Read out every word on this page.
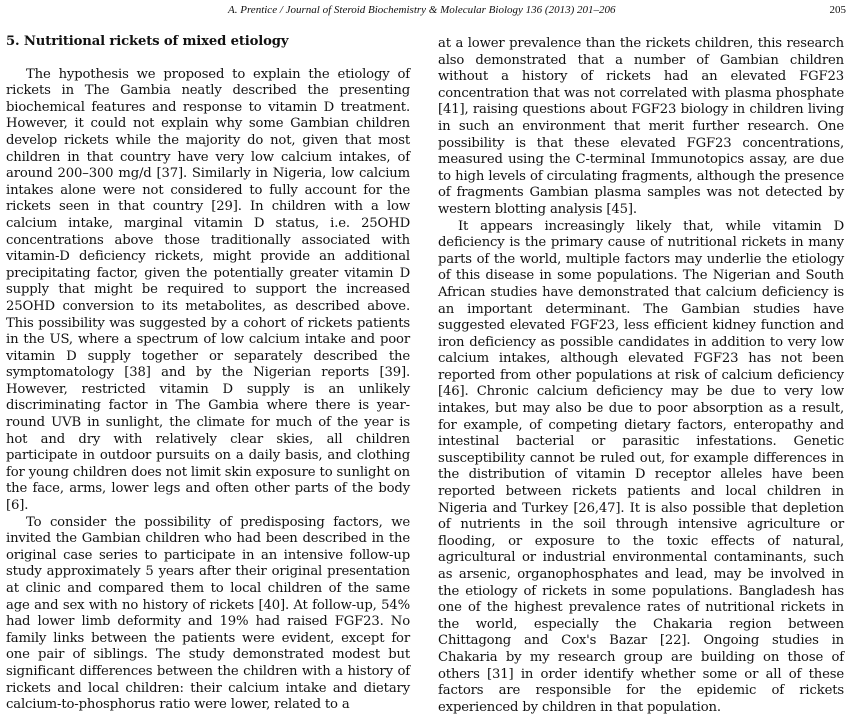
A. Prentice / Journal of Steroid Biochemistry & Molecular Biology 136 (2013) 201–206	205
5. Nutritional rickets of mixed etiology

The hypothesis we proposed to explain the etiology of rickets in The Gambia neatly described the presenting biochemical features and response to vitamin D treatment. However, it could not explain why some Gambian children develop rickets while the majority do not, given that most children in that country have very low calcium intakes, of around 200–300 mg/d [37]. Similarly in Nigeria, low calcium intakes alone were not considered to fully account for the rickets seen in that country [29]. In children with a low calcium intake, marginal vitamin D status, i.e. 25OHD concentrations above those traditionally associated with vitamin-D deficiency rickets, might provide an additional precipitating factor, given the potentially greater vitamin D supply that might be required to support the increased 25OHD conversion to its metabolites, as described above. This possibility was suggested by a cohort of rickets patients in the US, where a spectrum of low calcium intake and poor vitamin D supply together or separately described the symptomatology [38] and by the Nigerian reports [39]. However, restricted vitamin D supply is an unlikely discriminating factor in The Gambia where there is year-round UVB in sunlight, the climate for much of the year is hot and dry with relatively clear skies, all children participate in outdoor pursuits on a daily basis, and clothing for young children does not limit skin exposure to sunlight on the face, arms, lower legs and often other parts of the body [6].

To consider the possibility of predisposing factors, we invited the Gambian children who had been described in the original case series to participate in an intensive follow-up study approximately 5 years after their original presentation at clinic and compared them to local children of the same age and sex with no history of rickets [40]. At follow-up, 54% had lower limb deformity and 19% had raised FGF23. No family links between the patients were evident, except for one pair of siblings. The study demonstrated modest but significant differences between the children with a history of rickets and local children: their calcium intake and dietary calcium-to-phosphorus ratio were lower, related to a

at a lower prevalence than the rickets children, this research also demonstrated that a number of Gambian children without a history of rickets had an elevated FGF23 concentration that was not correlated with plasma phosphate [41], raising questions about FGF23 biology in children living in such an environment that merit further research. One possibility is that these elevated FGF23 concentrations, measured using the C-terminal Immunotopics assay, are due to high levels of circulating fragments, although the presence of fragments Gambian plasma samples was not detected by western blotting analysis [45].

It appears increasingly likely that, while vitamin D deficiency is the primary cause of nutritional rickets in many parts of the world, multiple factors may underlie the etiology of this disease in some populations. The Nigerian and South African studies have demonstrated that calcium deficiency is an important determinant. The Gambian studies have suggested elevated FGF23, less efficient kidney function and iron deficiency as possible candidates in addition to very low calcium intakes, although elevated FGF23 has not been reported from other populations at risk of calcium deficiency [46]. Chronic calcium deficiency may be due to very low intakes, but may also be due to poor absorption as a result, for example, of competing dietary factors, enteropathy and intestinal bacterial or parasitic infestations. Genetic susceptibility cannot be ruled out, for example differences in the distribution of vitamin D receptor alleles have been reported between rickets patients and local children in Nigeria and Turkey [26,47]. It is also possible that depletion of nutrients in the soil through intensive agriculture or flooding, or exposure to the toxic effects of natural, agricultural or industrial environmental contaminants, such as arsenic, organophosphates and lead, may be involved in the etiology of rickets in some populations. Bangladesh has one of the highest prevalence rates of nutritional rickets in the world, especially the Chakaria region between Chittagong and Cox's Bazar [22]. Ongoing studies in Chakaria by my research group are building on those of others [31] in order identify whether some or all of these factors are responsible for the epidemic of rickets experienced by children in that population.
